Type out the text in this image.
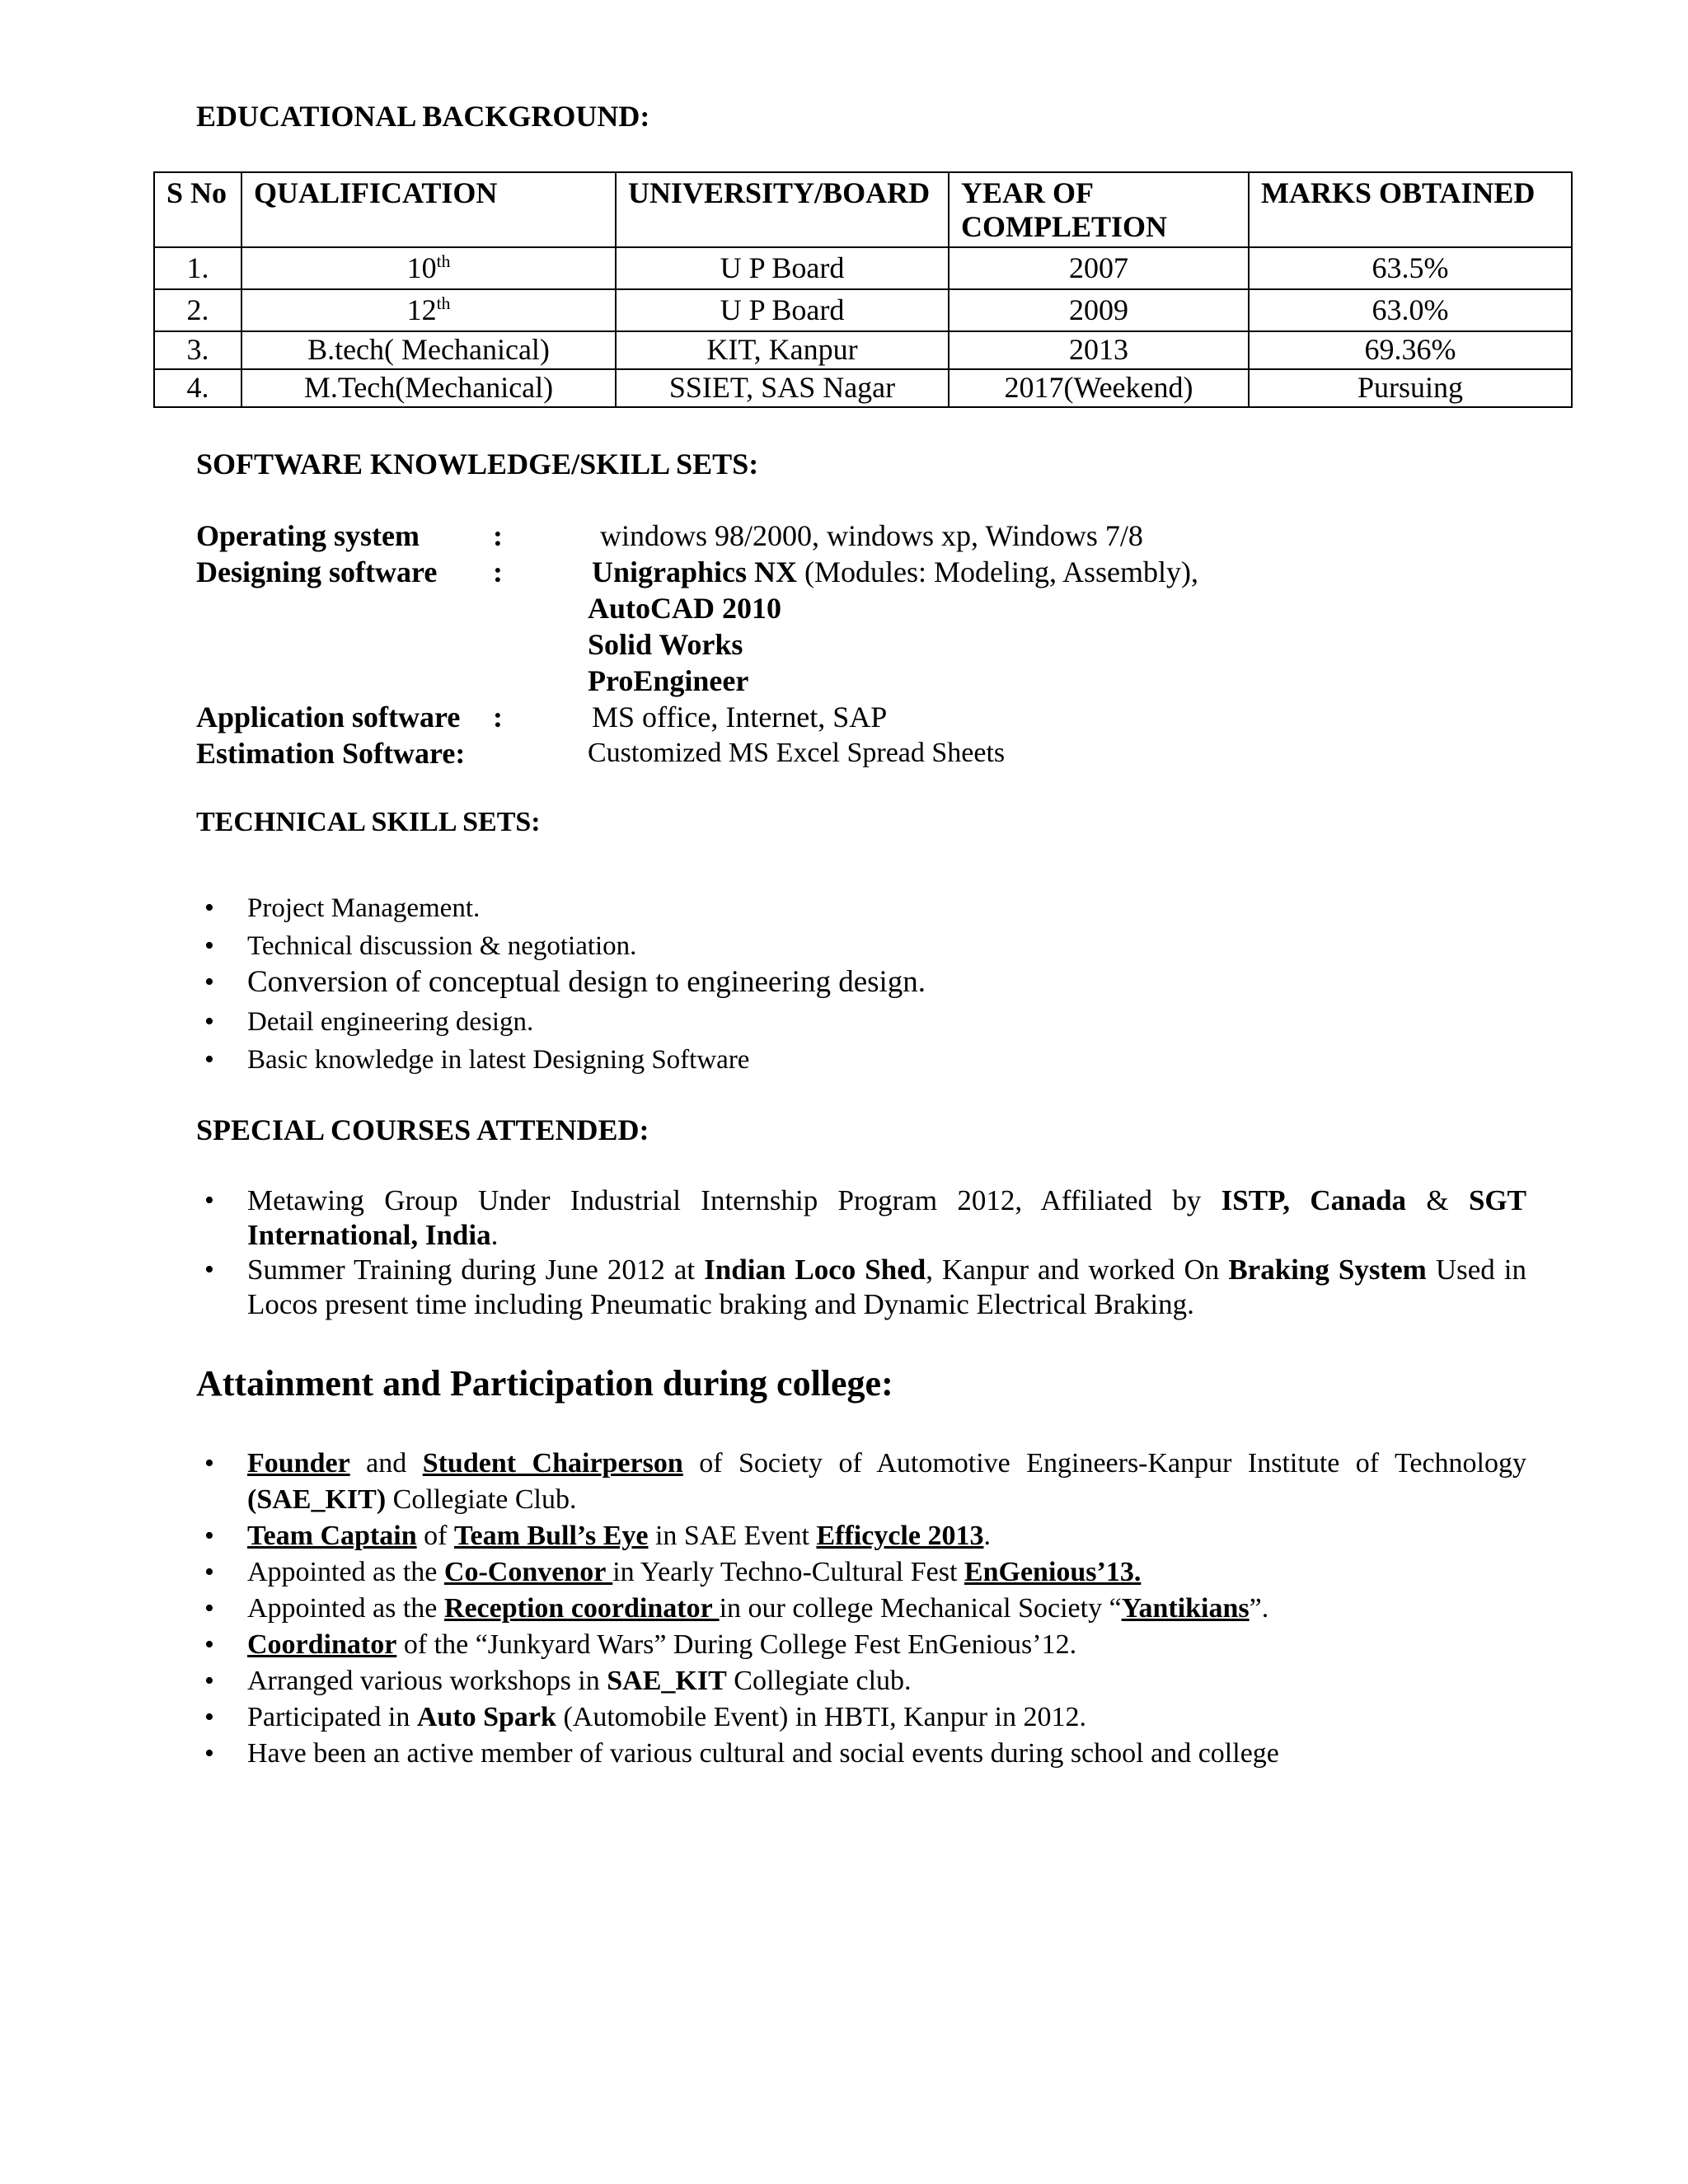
EDUCATIONAL BACKGROUND:
S No	QUALIFICATION	UNIVERSITY/BOARD	YEAR OF COMPLETION	MARKS OBTAINED
1.	10th	U P Board	2007	63.5%
2.	12th	U P Board	2009	63.0%
3.	B.tech( Mechanical)	KIT, Kanpur	2013	69.36%
4.	M.Tech(Mechanical)	SSIET, SAS Nagar	2017(Weekend)	Pursuing
SOFTWARE KNOWLEDGE/SKILL SETS:
Operating system	:	windows 98/2000, windows xp, Windows 7/8
Designing software	:	Unigraphics NX (Modules: Modeling, Assembly),
AutoCAD 2010
Solid Works
ProEngineer
Application software	:	MS office, Internet, SAP
Estimation Software:	Customized MS Excel Spread Sheets
TECHNICAL SKILL SETS:
• Project Management.
• Technical discussion & negotiation.
• Conversion of conceptual design to engineering design.
• Detail engineering design.
• Basic knowledge in latest Designing Software
SPECIAL COURSES ATTENDED:
• Metawing Group Under Industrial Internship Program 2012, Affiliated by ISTP, Canada & SGT International, India.
• Summer Training during June 2012 at Indian Loco Shed, Kanpur and worked On Braking System Used in Locos present time including Pneumatic braking and Dynamic Electrical Braking.
Attainment and Participation during college:
• Founder and Student Chairperson of Society of Automotive Engineers-Kanpur Institute of Technology (SAE_KIT) Collegiate Club.
• Team Captain of Team Bull’s Eye in SAE Event Efficycle 2013.
• Appointed as the Co-Convenor in Yearly Techno-Cultural Fest EnGenious’13.
• Appointed as the Reception coordinator in our college Mechanical Society “Yantikians”.
• Coordinator of the “Junkyard Wars” During College Fest EnGenious’12.
• Arranged various workshops in SAE_KIT Collegiate club.
• Participated in Auto Spark (Automobile Event) in HBTI, Kanpur in 2012.
• Have been an active member of various cultural and social events during school and college
